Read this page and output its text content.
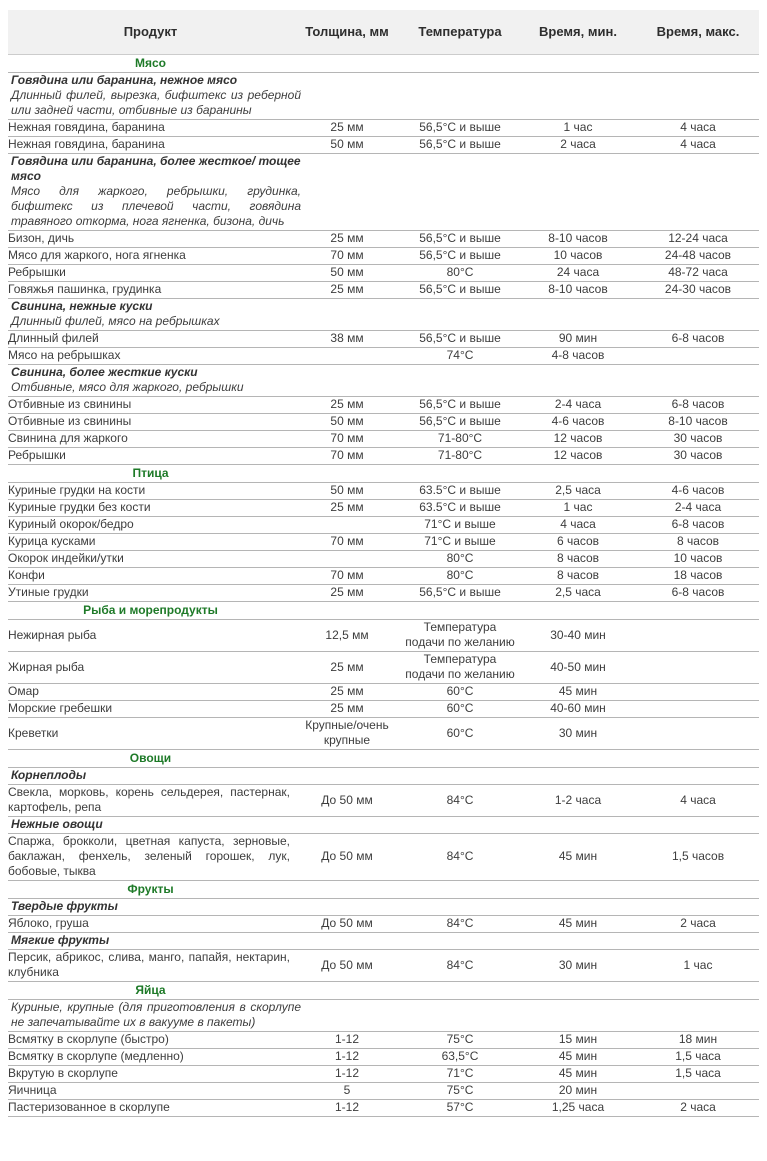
Продукт	Толщина, мм	Температура	Время, мин.	Время, макс.

Мясо				

Говядина или баранина, нежное мясо
Длинный филей, вырезка, бифштекс из реберной или задней части, отбивные из баранины				

Нежная говядина, баранина	25 мм	56,5°C и выше	1 час	4 часа
Нежная говядина, баранина	50 мм	56,5°C и выше	2 часа	4 часа

Говядина или баранина, более жесткое/ тощее мясо
Мясо для жаркого, ребрышки, грудинка, бифштекс из плечевой части, говядина травяного откорма, нога ягненка, бизона, дичь				

Бизон, дичь	25 мм	56,5°C и выше	8-10 часов	12-24 часа
Мясо для жаркого, нога ягненка	70 мм	56,5°C и выше	10 часов	24-48 часов
Ребрышки	50 мм	80°C	24 часа	48-72 часа
Говяжья пашинка, грудинка	25 мм	56,5°C и выше	8-10 часов	24-30 часов

Свинина, нежные куски
Длинный филей, мясо на ребрышках				

Длинный филей	38 мм	56,5°C и выше	90 мин	6-8 часов
Мясо на ребрышках		74°C	4-8 часов	

Свинина, более жесткие куски
Отбивные, мясо для жаркого, ребрышки				

Отбивные из свинины	25 мм	56,5°C и выше	2-4 часа	6-8 часов
Отбивные из свинины	50 мм	56,5°C и выше	4-6 часов	8-10 часов
Свинина для жаркого	70 мм	71-80°C	12 часов	30 часов
Ребрышки	70 мм	71-80°C	12 часов	30 часов

Птица				

Куриные грудки на кости	50 мм	63.5°C и выше	2,5 часа	4-6 часов
Куриные грудки без кости	25 мм	63.5°C и выше	1 час	2-4 часа
Куриный окорок/бедро		71°C и выше	4 часа	6-8 часов
Курица кусками	70 мм	71°C и выше	6 часов	8 часов
Окорок индейки/утки		80°C	8 часов	10 часов
Конфи	70 мм	80°C	8 часов	18 часов
Утиные грудки	25 мм	56,5°C и выше	2,5 часа	6-8 часов

Рыба и морепродукты				

Нежирная рыба	12,5 мм	Температура подачи по желанию	30-40 мин	
Жирная рыба	25 мм	Температура подачи по желанию	40-50 мин	
Омар	25 мм	60°C	45 мин	
Морские гребешки	25 мм	60°C	40-60 мин	
Креветки	Крупные/очень крупные	60°C	30 мин	

Овощи				

Корнеплоды				

Свекла, морковь, корень сельдерея, пастернак, картофель, репа	До 50 мм	84°C	1-2 часа	4 часа

Нежные овощи				

Спаржа, брокколи, цветная капуста, зерновые, баклажан, фенхель, зеленый горошек, лук, бобовые, тыква	До 50 мм	84°C	45 мин	1,5 часов

Фрукты				

Твердые фрукты				

Яблоко, груша	До 50 мм	84°C	45 мин	2 часа

Мягкие фрукты				

Персик, абрикос, слива, манго, папайя, нектарин, клубника	До 50 мм	84°C	30 мин	1 час

Яйца				

Куриные, крупные (для приготовления в скорлупе не запечатывайте их в вакууме в пакеты)				

Всмятку в скорлупе (быстро)	1-12	75°C	15 мин	18 мин
Всмятку в скорлупе (медленно)	1-12	63,5°C	45 мин	1,5 часа
Вкрутую в скорлупе	1-12	71°C	45 мин	1,5 часа
Яичница	5	75°C	20 мин	
Пастеризованное в скорлупе	1-12	57°C	1,25 часа	2 часа
